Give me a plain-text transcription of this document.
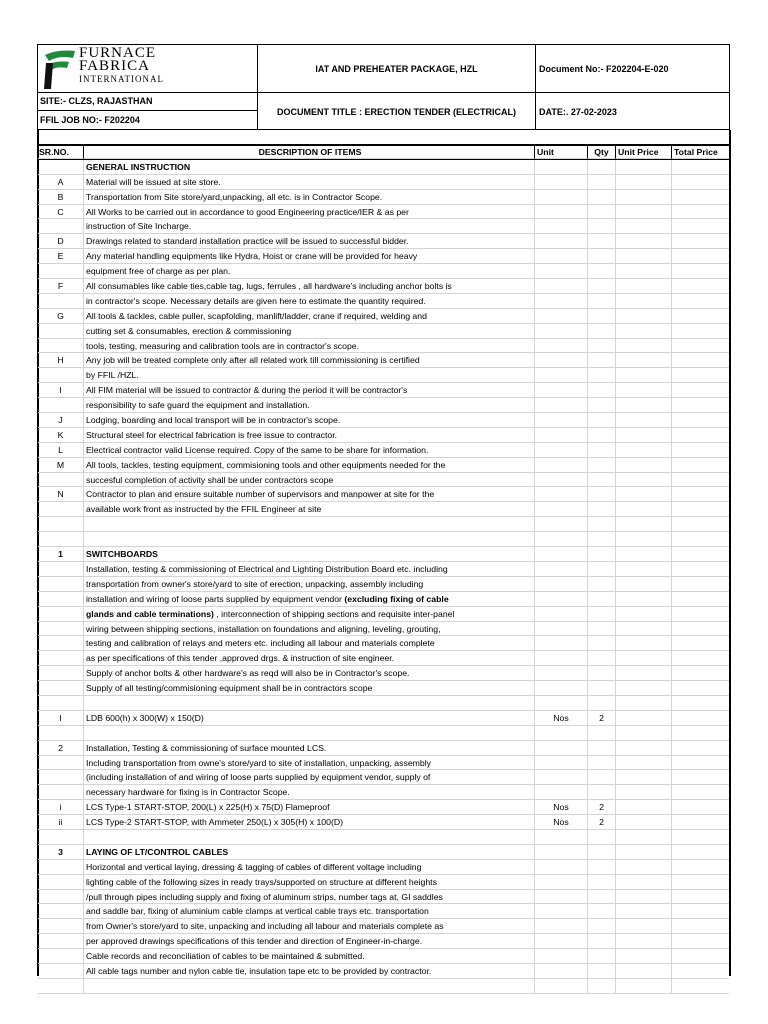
FURNACE
FABRICA
INTERNATIONAL
SITE:- CLZS, RAJASTHAN
FFIL JOB NO:- F202204
IAT AND PREHEATER PACKAGE, HZL
DOCUMENT TITLE : ERECTION TENDER (ELECTRICAL)
Document No:- F202204-E-020
DATE:. 27-02-2023
SR.NO.	DESCRIPTION OF ITEMS	Unit	Qty	Unit Price	Total Price
GENERAL INSTRUCTION
A	Material will be issued at site store.
B	Transportation from Site store/yard,unpacking, all etc. is in Contractor Scope.
C	All Works to be carried out in accordance to good Engineering practice/IER & as per
instruction of Site Incharge.
D	Drawings related to standard installation practice will be issued to successful bidder.
E	Any material handling equipments like Hydra, Hoist or crane will be provided for heavy
equipment free of charge as per plan.
F	All consumables like cable ties,cable tag, lugs, ferrules , all hardware's including anchor bolts is
in contractor's scope. Necessary details are given here to estimate the quantity required.
G	All tools & tackles, cable puller, scapfolding, manlift/ladder, crane if required, welding and
cutting set & consumables, erection & commissioning
tools, testing, measuring and calibration tools are in contractor's scope.
H	Any job will be treated complete only after all related work till commissioning is certified
by FFIL /HZL.
I	All FIM material will be issued to contractor & during the period it will be contractor's
responsibility to safe guard the equipment and installation.
J	Lodging, boarding and local transport will be in contractor's scope.
K	Structural steel for electrical fabrication is free issue to contractor.
L	Electrical contractor valid License required. Copy of the same to be share for information.
M	All tools, tackles, testing equipment, commisioning tools and other equipments needed for the
succesful completion of activity shall be under contractors scope
N	Contractor to plan and ensure suitable number of supervisors and manpower at site for the
available work front as instructed by the FFIL Engineer at site
1	SWITCHBOARDS
Installation, testing & commissioning of Electrical and Lighting Distribution Board etc. including
transportation from owner's store/yard to site of erection, unpacking, assembly including
installation and wiring of loose parts supplied by equipment vendor (excluding fixing of cable
glands and cable terminations) , interconnection of shipping sections and requisite inter-panel
wiring between shipping sections, installation on foundations and aligning, leveling, grouting,
testing and calibration of relays and meters etc. including all labour and materials complete
as per specifications of this tender ,approved drgs. & instruction of site engineer.
Supply of anchor bolts & other hardware's as reqd will also be in Contractor's scope.
Supply of all testing/commisioning equipment shall be in contractors scope
I	LDB 600(h) x 300(W) x 150(D)	Nos	2
2	Installation, Testing & commissioning of surface mounted LCS.
Including transportation from owne's store/yard to site of installation, unpacking, assembly
(including installation of and wiring of loose parts supplied by equipment vendor, supply of
necessary hardware for fixing is in Contractor Scope.
i	LCS Type-1 START-STOP, 200(L) x 225(H) x 75(D) Flameproof	Nos	2
ii	LCS Type-2 START-STOP, with Ammeter 250(L) x 305(H) x 100(D)	Nos	2
3	LAYING OF LT/CONTROL CABLES
Horizontal and vertical laying, dressing & tagging of cables of different voltage including
lighting cable of the following sizes in ready trays/supported on structure at different heights
/pull through pipes including supply and fixing of aluminum strips, number tags at, GI saddles
and saddle bar, fixing of aluminium cable clamps at vertical cable trays etc. transportation
from Owner's store/yard to site, unpacking and including all labour and materials complete as
per approved drawings specifications of this tender and direction of Engineer-in-charge.
Cable records and reconciliation of cables to be maintained & submitted.
All cable tags number and nylon cable tie, insulation tape etc to be provided by contractor.
